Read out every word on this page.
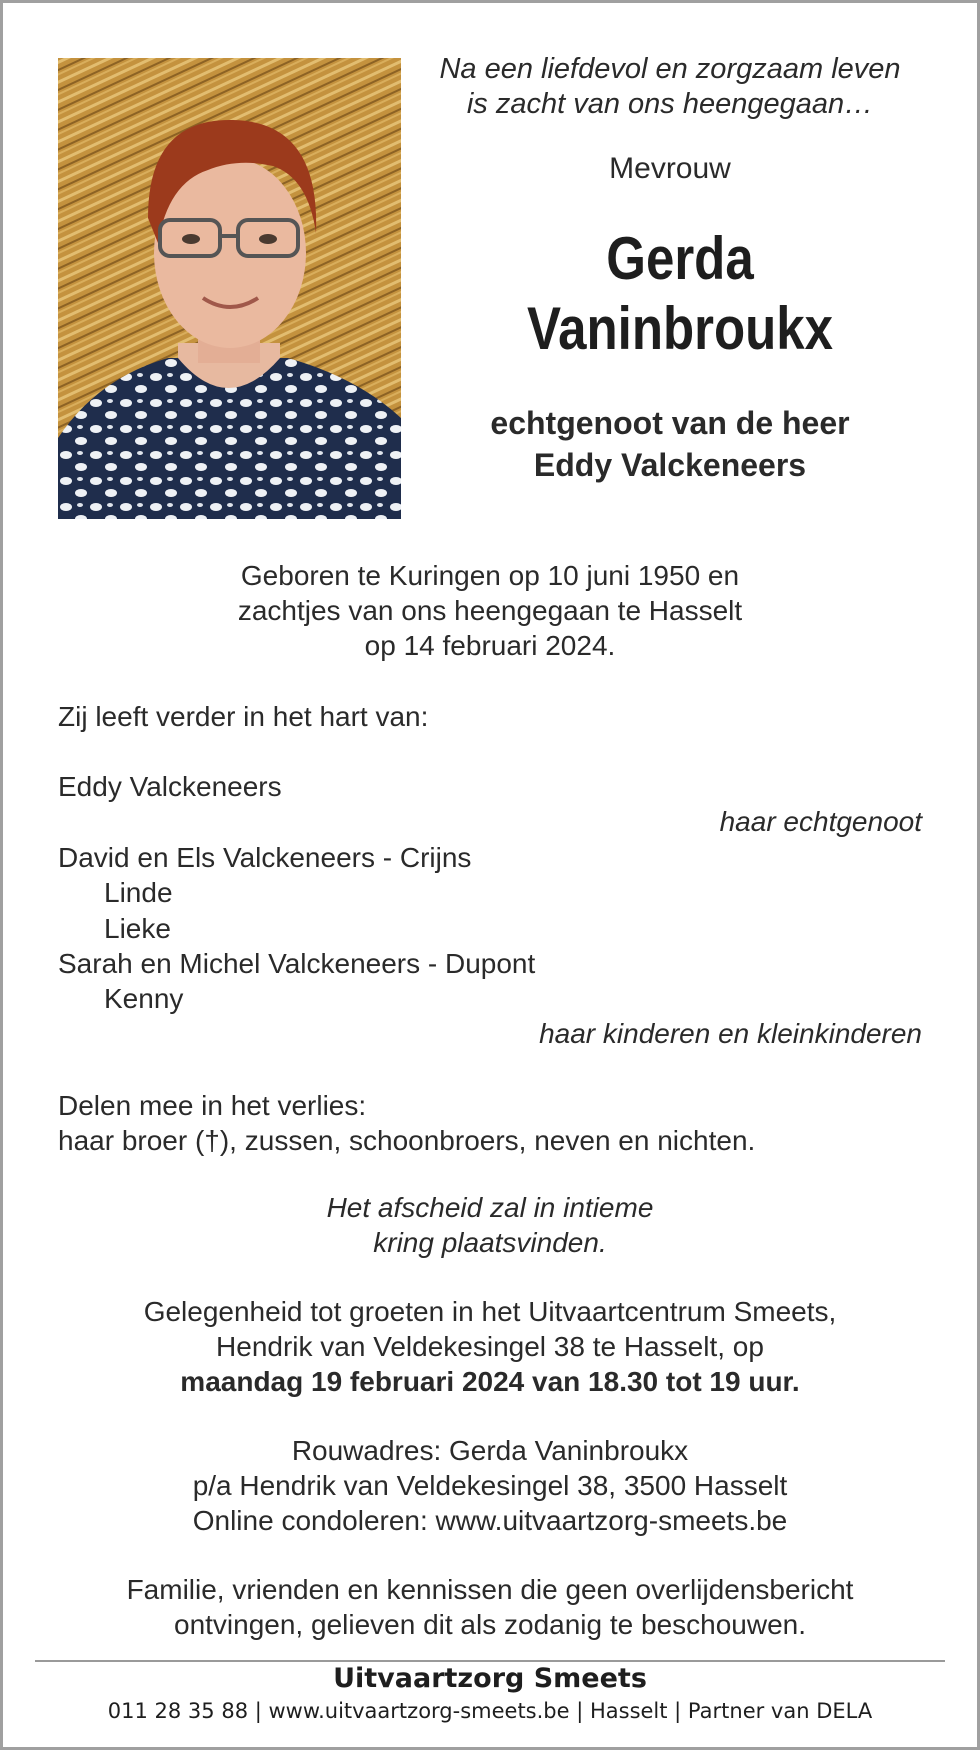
Na een liefdevol en zorgzaam leven
is zacht van ons heengegaan…
Mevrouw
Gerda
Vaninbroukx
echtgenoot van de heer
Eddy Valckeneers
Geboren te Kuringen op 10 juni 1950 en
zachtjes van ons heengegaan te Hasselt
op 14 februari 2024.
Zij leeft verder in het hart van:
Eddy Valckeneers
haar echtgenoot
David en Els Valckeneers - Crijns
Linde
Lieke
Sarah en Michel Valckeneers - Dupont
Kenny
haar kinderen en kleinkinderen
Delen mee in het verlies:
haar broer (†), zussen, schoonbroers, neven en nichten.
Het afscheid zal in intieme
kring plaatsvinden.
Gelegenheid tot groeten in het Uitvaartcentrum Smeets,
Hendrik van Veldekesingel 38 te Hasselt, op
maandag 19 februari 2024 van 18.30 tot 19 uur.
Rouwadres: Gerda Vaninbroukx
p/a Hendrik van Veldekesingel 38, 3500 Hasselt
Online condoleren: www.uitvaartzorg-smeets.be
Familie, vrienden en kennissen die geen overlijdensbericht
ontvingen, gelieven dit als zodanig te beschouwen.
Uitvaartzorg Smeets
011 28 35 88 | www.uitvaartzorg-smeets.be | Hasselt | Partner van DELA
